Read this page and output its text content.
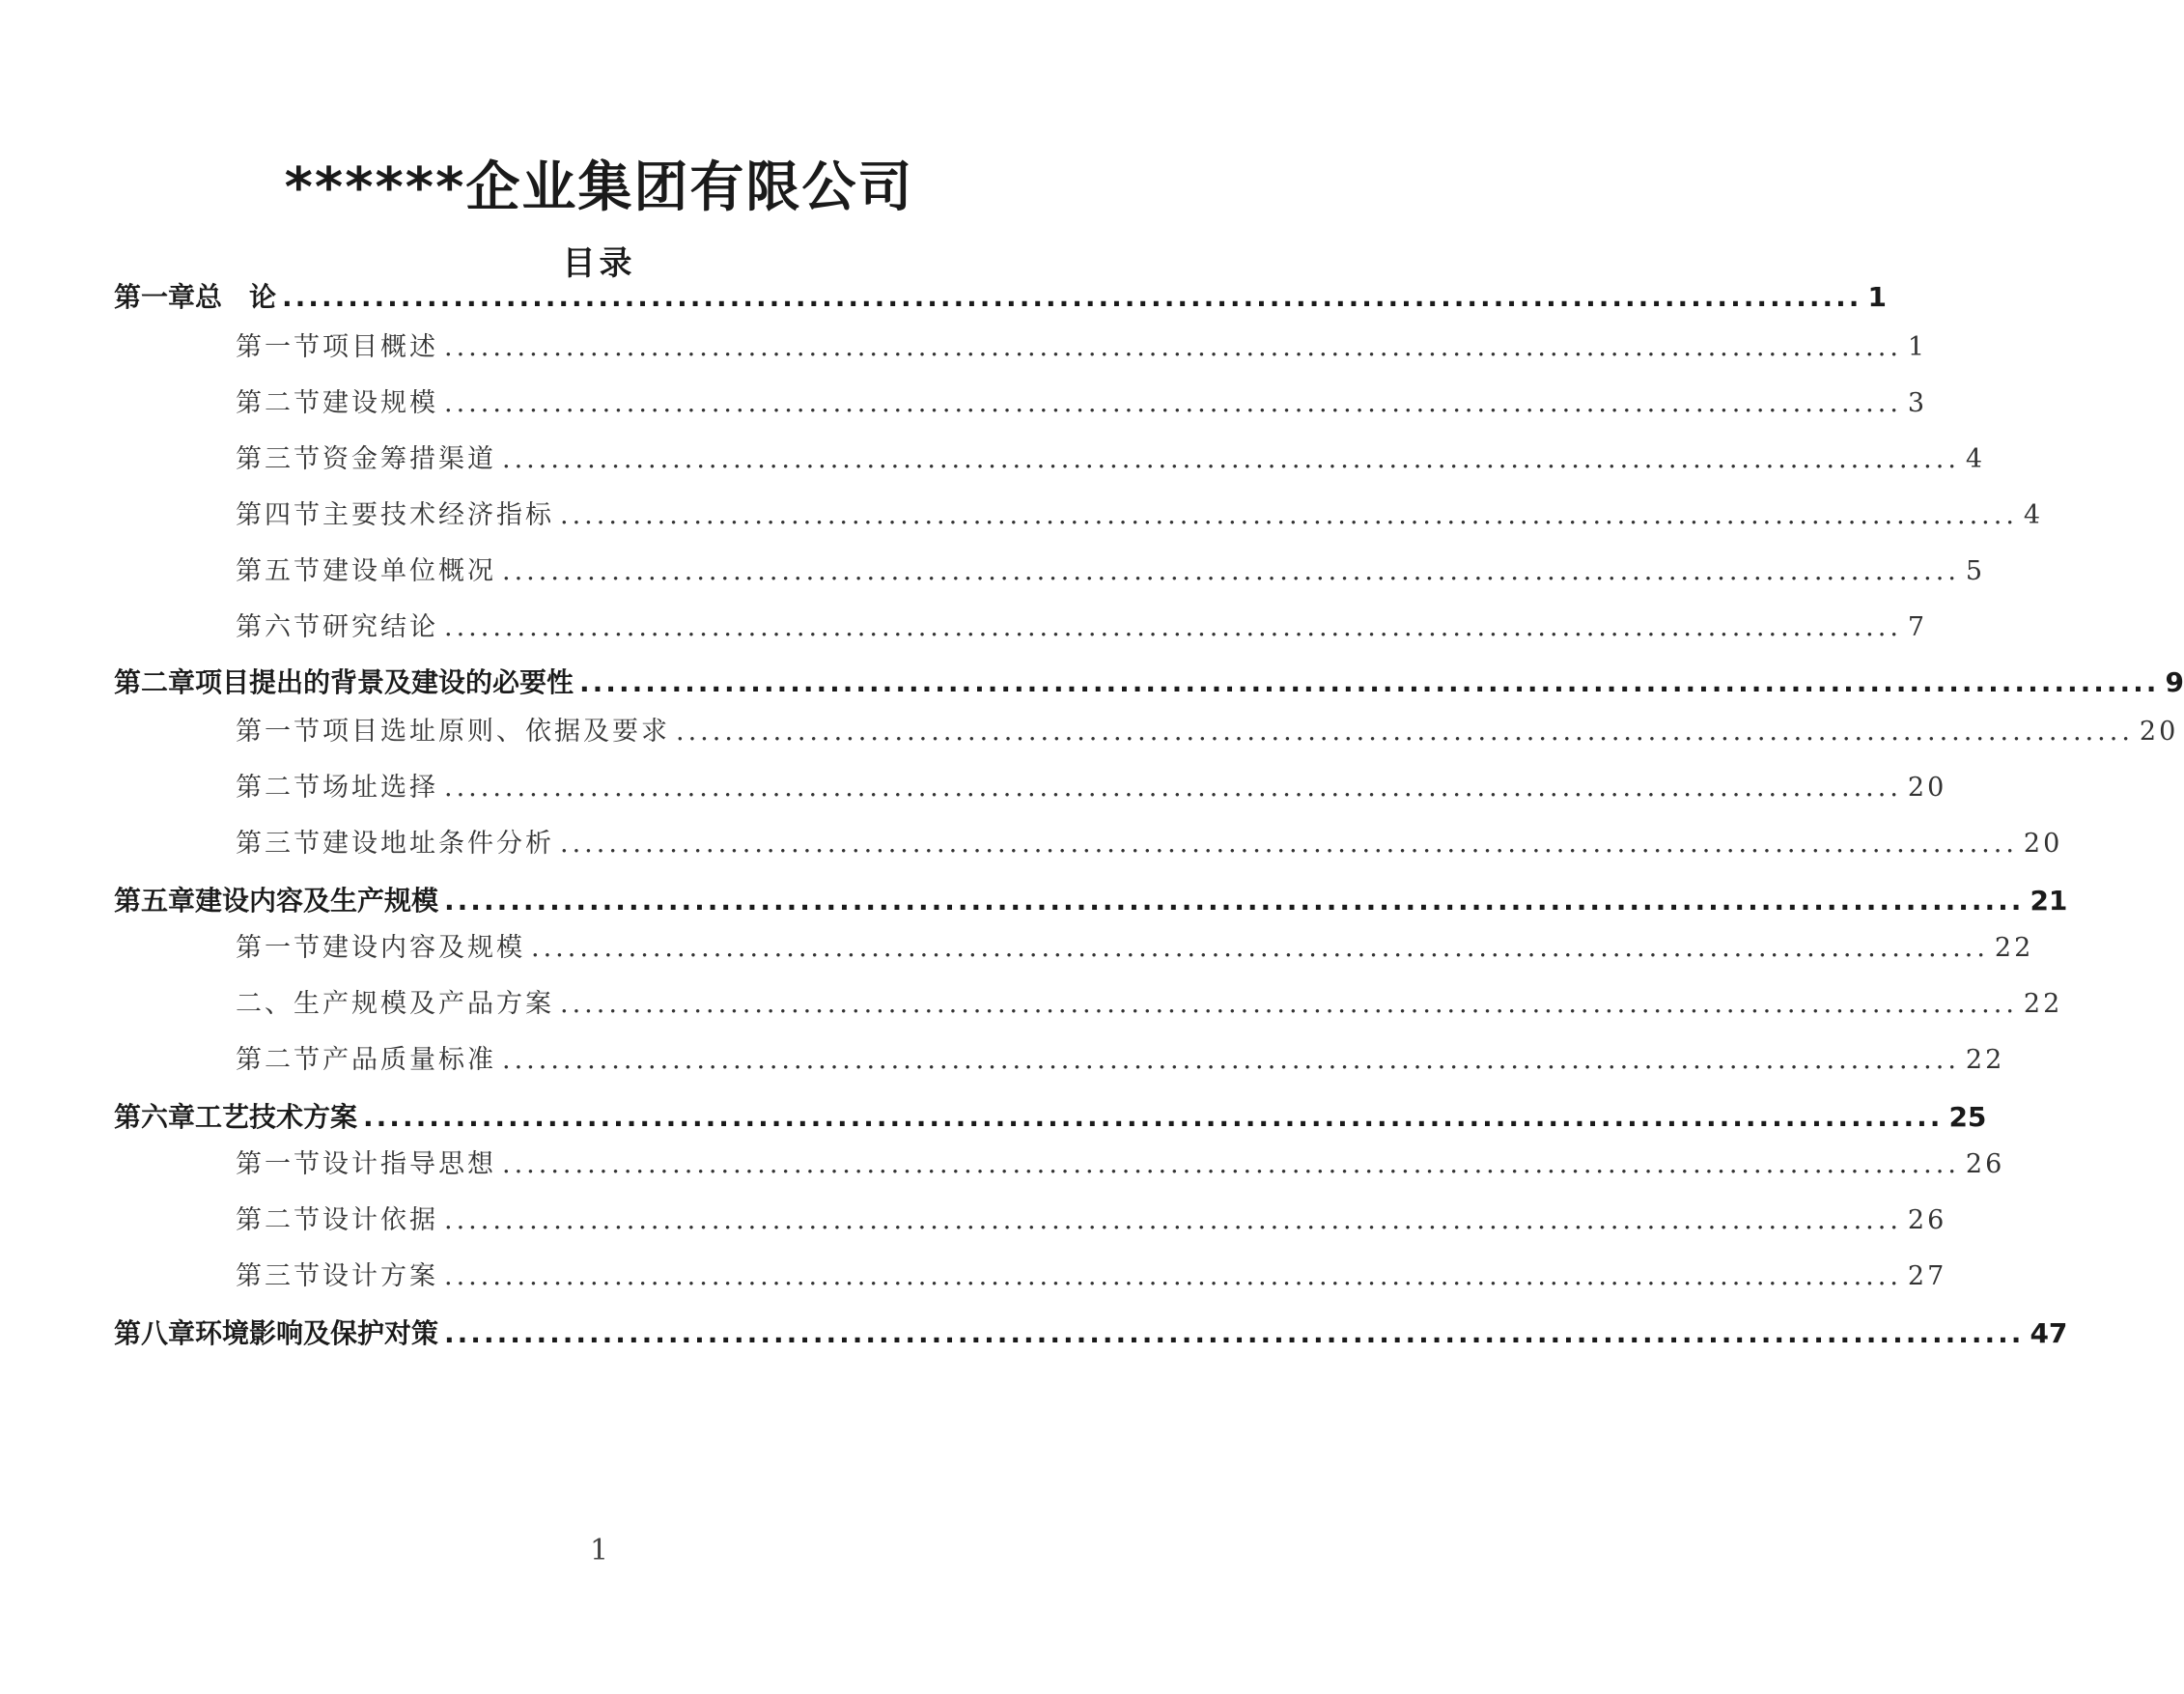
******企业集团有限公司
目录
第一章 总　论 ........................................................................................................................ 1
第一节 项目概述 ........................................................................................................................ 1
第二节 建设规模 ........................................................................................................................ 3
第三节 资金筹措渠道 ........................................................................................................................ 4
第四节 主要技术经济指标 ........................................................................................................................ 4
第五节 建设单位概况 ........................................................................................................................ 5
第六节 研究结论 ........................................................................................................................ 7
第二章 项目提出的背景及建设的必要性 ........................................................................................................................ 9
第一节 项目选址原则、依据及要求 ........................................................................................................................ 20
第二节 场址选择 ........................................................................................................................ 20
第三节 建设地址条件分析 ........................................................................................................................ 20
第五章 建设内容及生产规模 ........................................................................................................................ 21
第一节 建设内容及规模 ........................................................................................................................ 22
二、生产规模及产品方案 ........................................................................................................................ 22
第二节 产品质量标准 ........................................................................................................................ 22
第六章 工艺技术方案 ........................................................................................................................ 25
第一节 设计指导思想 ........................................................................................................................ 26
第二节 设计依据 ........................................................................................................................ 26
第三节 设计方案 ........................................................................................................................ 27
第八章 环境影响及保护对策 ........................................................................................................................ 47
1
